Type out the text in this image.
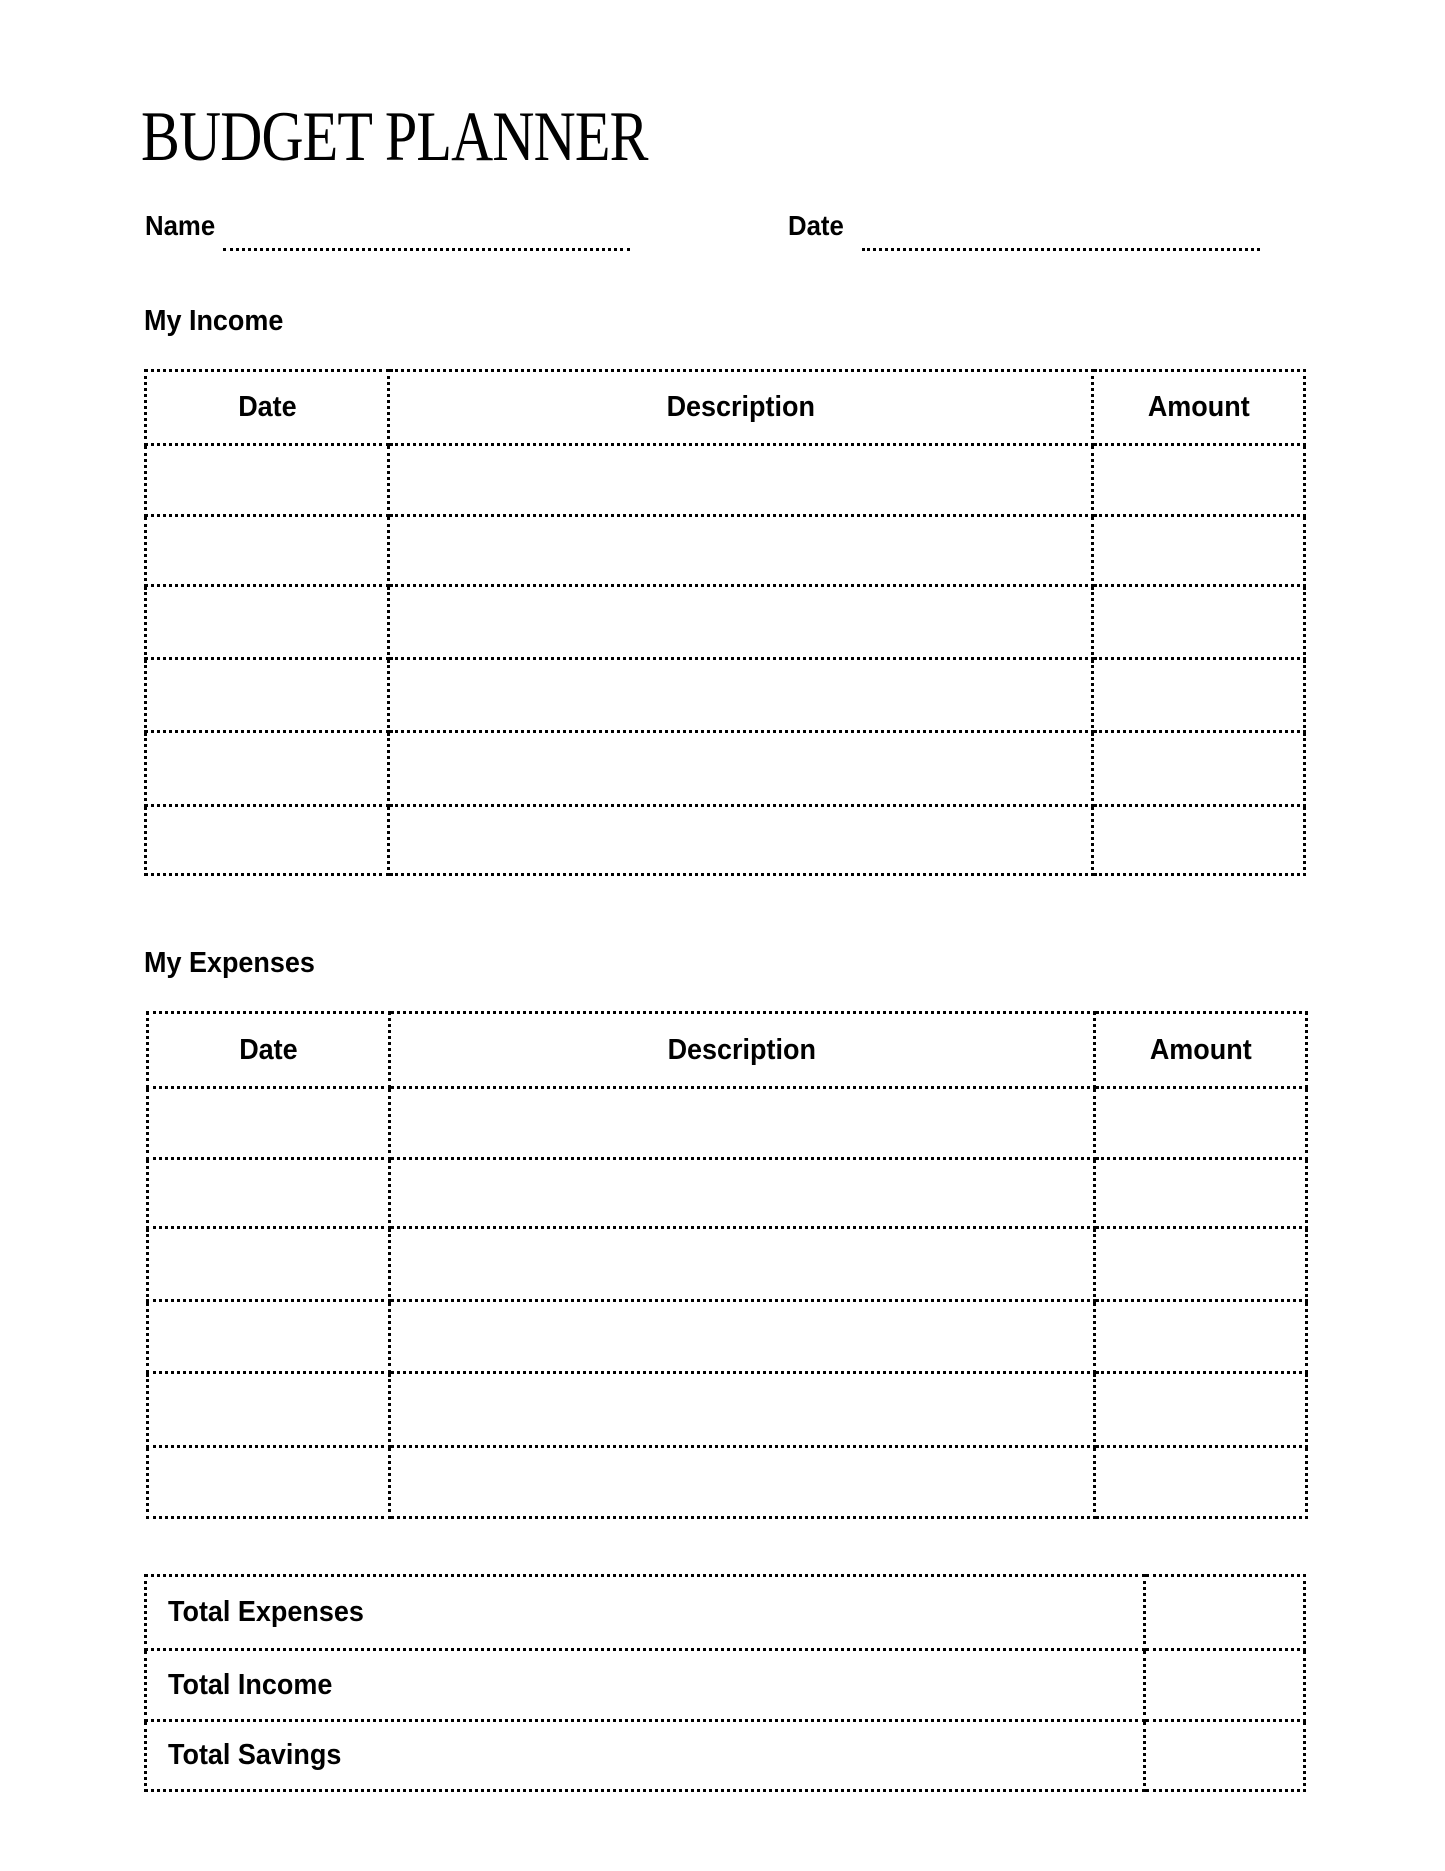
BUDGET PLANNER
Name	Date
My Income
Date	Description	Amount

My Expenses
Date	Description	Amount

Total Expenses	
Total Income	
Total Savings	
